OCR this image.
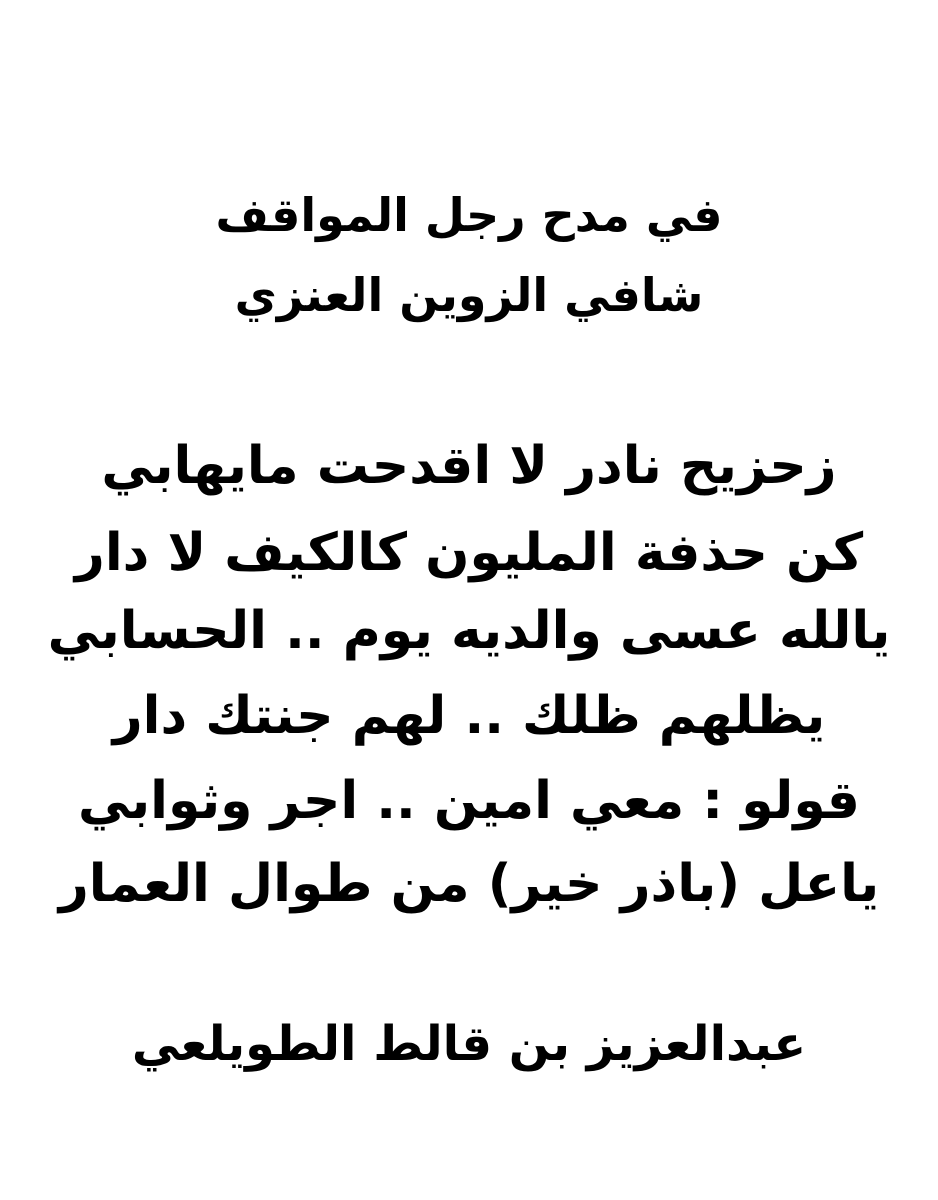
في مدح رجل المواقف
شافي الزوين العنزي
زحزيح نادر لا اقدحت مايهابي
كن حذفة المليون كالكيف لا دار
يالله عسى والديه يوم .. الحسابي
يظلهم ظلك .. لهم جنتك دار
قولو : معي امين .. اجر وثوابي
ياعل (باذر خير) من طوال العمار
عبدالعزيز بن قالط الطويلعي
